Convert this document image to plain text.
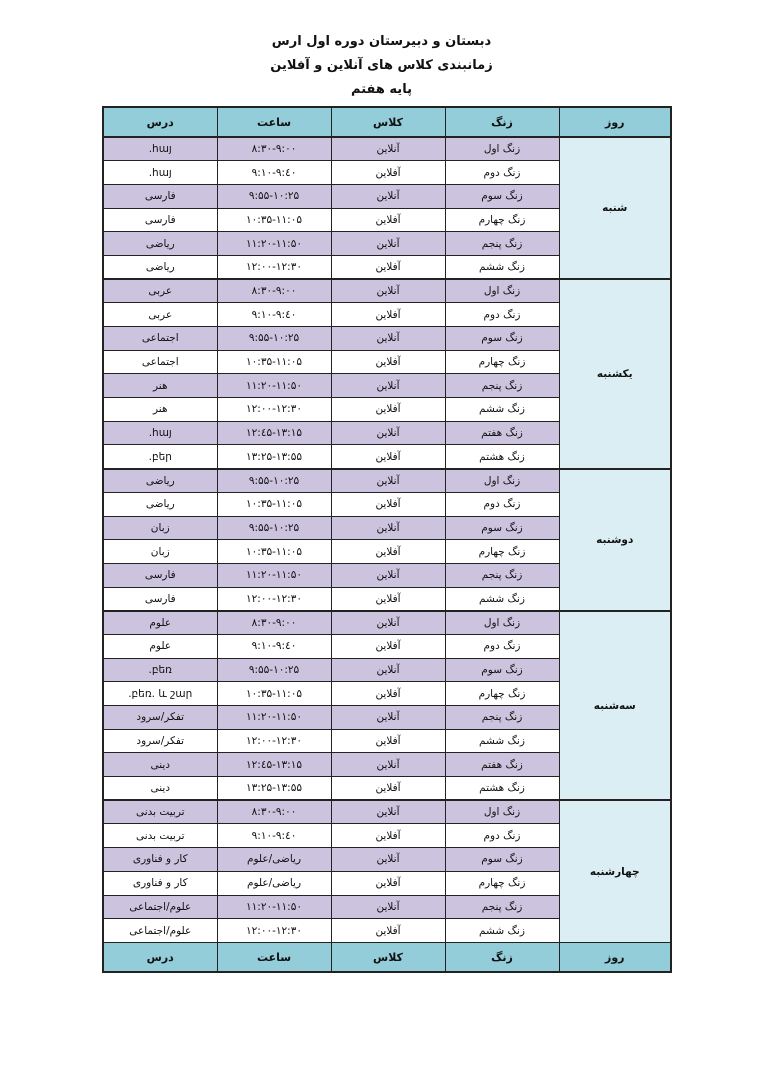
دبستان و دبیرستان دوره اول ارس
زمانبندی کلاس های آنلاین و آفلاین
پایه هفتم
روز	زنگ	کلاس	ساعت	درس
شنبه	زنگ اول	آنلاین	۸:۳۰-۹:۰۰	հայ.
	زنگ دوم	آفلاین	۹:۱۰-۹:٤۰	հայ.
	زنگ سوم	آنلاین	۹:۵۵-۱۰:۲۵	فارسی
	زنگ چهارم	آفلاین	۱۰:۳۵-۱۱:۰۵	فارسی
	زنگ پنجم	آنلاین	۱۱:۲۰-۱۱:۵۰	ریاضی
	زنگ ششم	آفلاین	۱۲:۰۰-۱۲:۳۰	ریاضی
یکشنبه	زنگ اول	آنلاین	۸:۳۰-۹:۰۰	عربی
	زنگ دوم	آفلاین	۹:۱۰-۹:٤۰	عربی
	زنگ سوم	آنلاین	۹:۵۵-۱۰:۲۵	اجتماعی
	زنگ چهارم	آفلاین	۱۰:۳۵-۱۱:۰۵	اجتماعی
	زنگ پنجم	آنلاین	۱۱:۲۰-۱۱:۵۰	هنر
	زنگ ششم	آفلاین	۱۲:۰۰-۱۲:۳۰	هنر
	زنگ هفتم	آنلاین	۱۲:٤۵-۱۳:۱۵	հայ.
	زنگ هشتم	آفلاین	۱۳:۲۵-۱۳:۵۵	բեր.
دوشنبه	زنگ اول	آنلاین	۹:۵۵-۱۰:۲۵	ریاضی
	زنگ دوم	آفلاین	۱۰:۳۵-۱۱:۰۵	ریاضی
	زنگ سوم	آنلاین	۹:۵۵-۱۰:۲۵	زبان
	زنگ چهارم	آفلاین	۱۰:۳۵-۱۱:۰۵	زبان
	زنگ پنجم	آنلاین	۱۱:۲۰-۱۱:۵۰	فارسی
	زنگ ششم	آفلاین	۱۲:۰۰-۱۲:۳۰	فارسی
سه‌شنبه	زنگ اول	آنلاین	۸:۳۰-۹:۰۰	علوم
	زنگ دوم	آفلاین	۹:۱۰-۹:٤۰	علوم
	زنگ سوم	آنلاین	۹:۵۵-۱۰:۲۵	բեռ.
	زنگ چهارم	آفلاین	۱۰:۳۵-۱۱:۰۵	բեռ. և շար.
	زنگ پنجم	آنلاین	۱۱:۲۰-۱۱:۵۰	تفکر/سرود
	زنگ ششم	آفلاین	۱۲:۰۰-۱۲:۳۰	تفکر/سرود
	زنگ هفتم	آنلاین	۱۲:٤۵-۱۳:۱۵	دینی
	زنگ هشتم	آفلاین	۱۳:۲۵-۱۳:۵۵	دینی
چهارشنبه	زنگ اول	آنلاین	۸:۳۰-۹:۰۰	تربیت بدنی
	زنگ دوم	آفلاین	۹:۱۰-۹:٤۰	تربیت بدنی
	زنگ سوم	آنلاین	ریاضی/علوم	کار و فناوری
	زنگ چهارم	آفلاین	ریاضی/علوم	کار و فناوری
	زنگ پنجم	آنلاین	۱۱:۲۰-۱۱:۵۰	علوم/اجتماعی
	زنگ ششم	آفلاین	۱۲:۰۰-۱۲:۳۰	علوم/اجتماعی
روز	زنگ	کلاس	ساعت	درس
